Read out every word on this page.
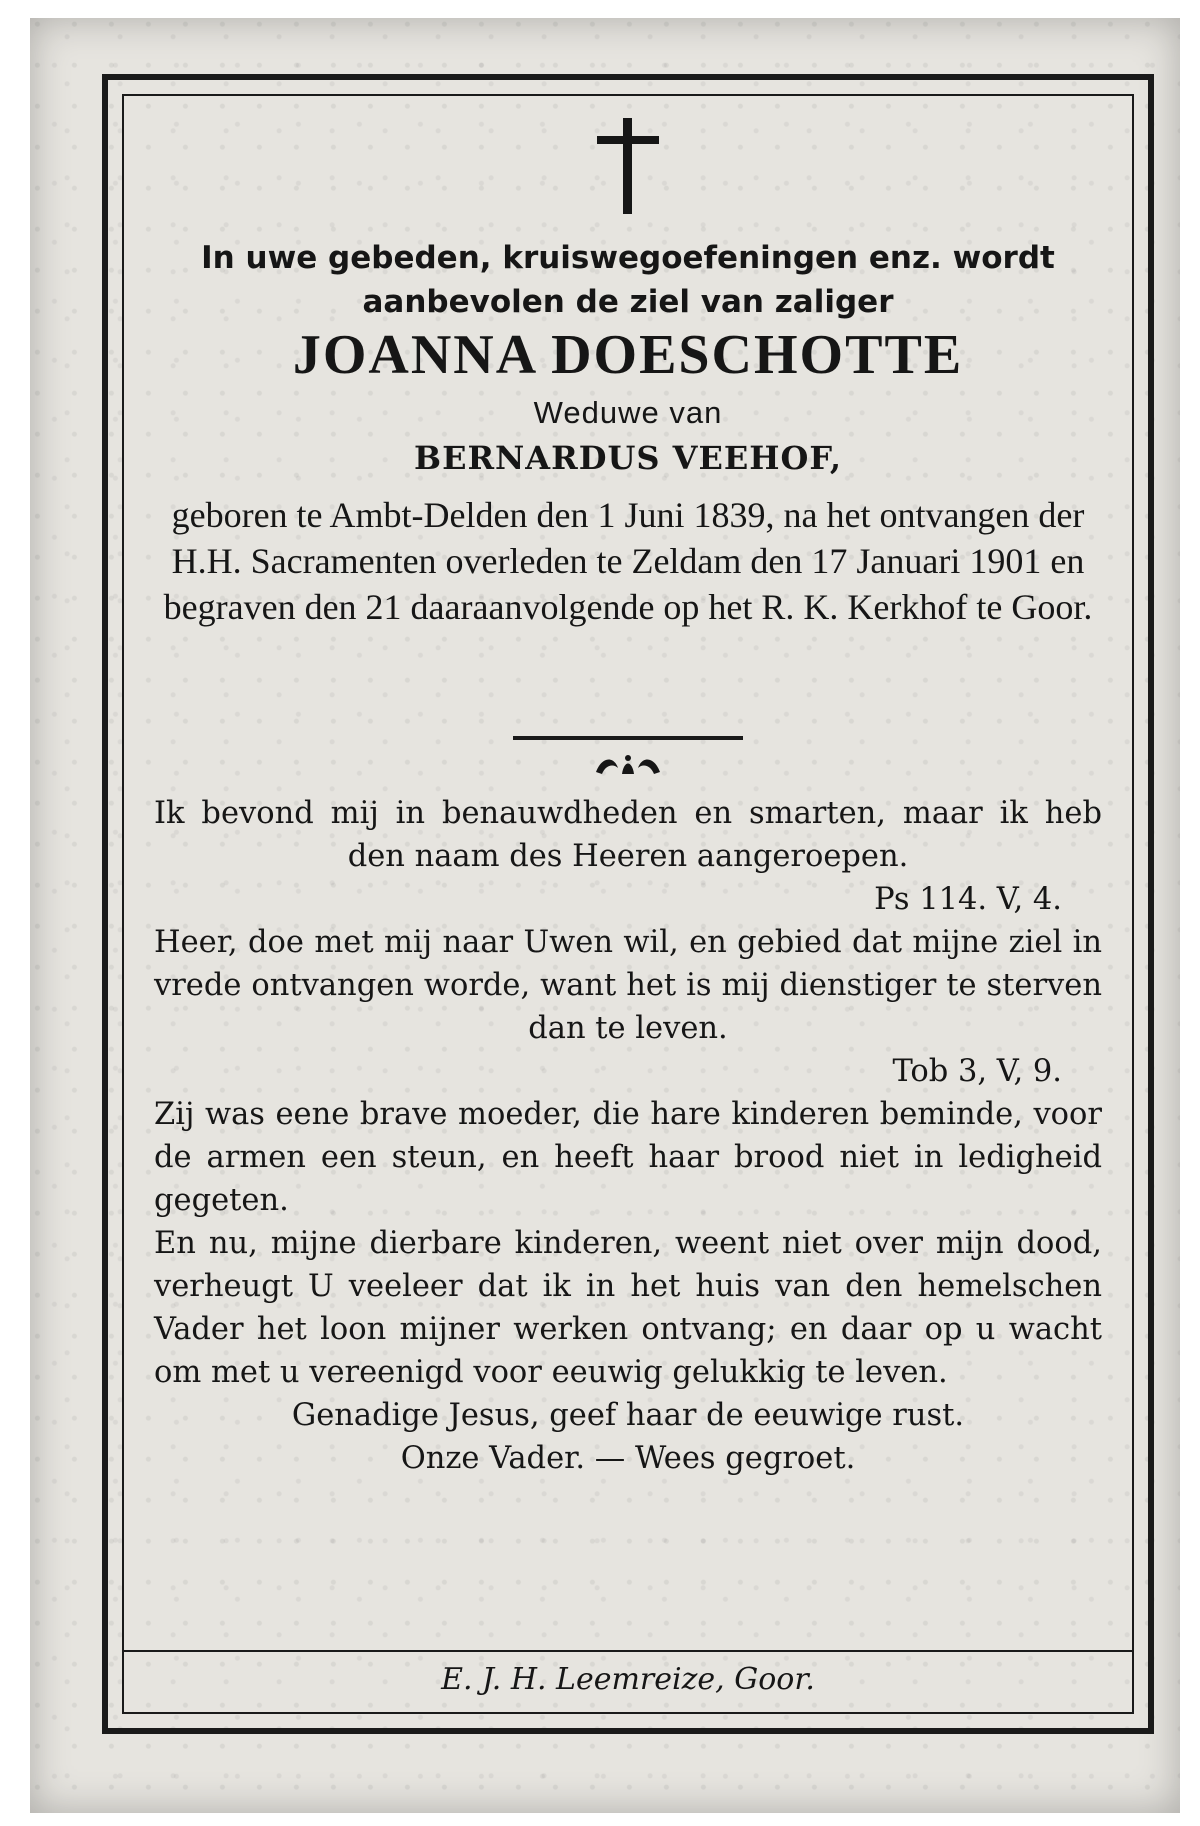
In uwe gebeden, kruiswegoefeningen enz. wordt aanbevolen de ziel van zaliger
JOANNA DOESCHOTTE
Weduwe van
BERNARDUS VEEHOF,
geboren te Ambt-Delden den 1 Juni 1839, na het ontvangen der H.H. Sacramenten overleden te Zeldam den 17 Januari 1901 en begraven den 21 daaraanvolgende op het R. K. Kerkhof te Goor.

Ik bevond mij in benauwdheden en smarten, maar ik heb den naam des Heeren aangeroepen.

Ps 114. V, 4.

Heer, doe met mij naar Uwen wil, en gebied dat mijne ziel in vrede ontvangen worde, want het is mij dienstiger te sterven dan te leven.

Tob 3, V, 9.

Zij was eene brave moeder, die hare kinderen beminde, voor de armen een steun, en heeft haar brood niet in ledigheid gegeten.

En nu, mijne dierbare kinderen, weent niet over mijn dood, verheugt U veeleer dat ik in het huis van den hemelschen Vader het loon mijner werken ontvang; en daar op u wacht om met u vereenigd voor eeuwig gelukkig te leven.

Genadige Jesus, geef haar de eeuwige rust.

Onze Vader. — Wees gegroet.

E. J. H. Leemreize, Goor.
